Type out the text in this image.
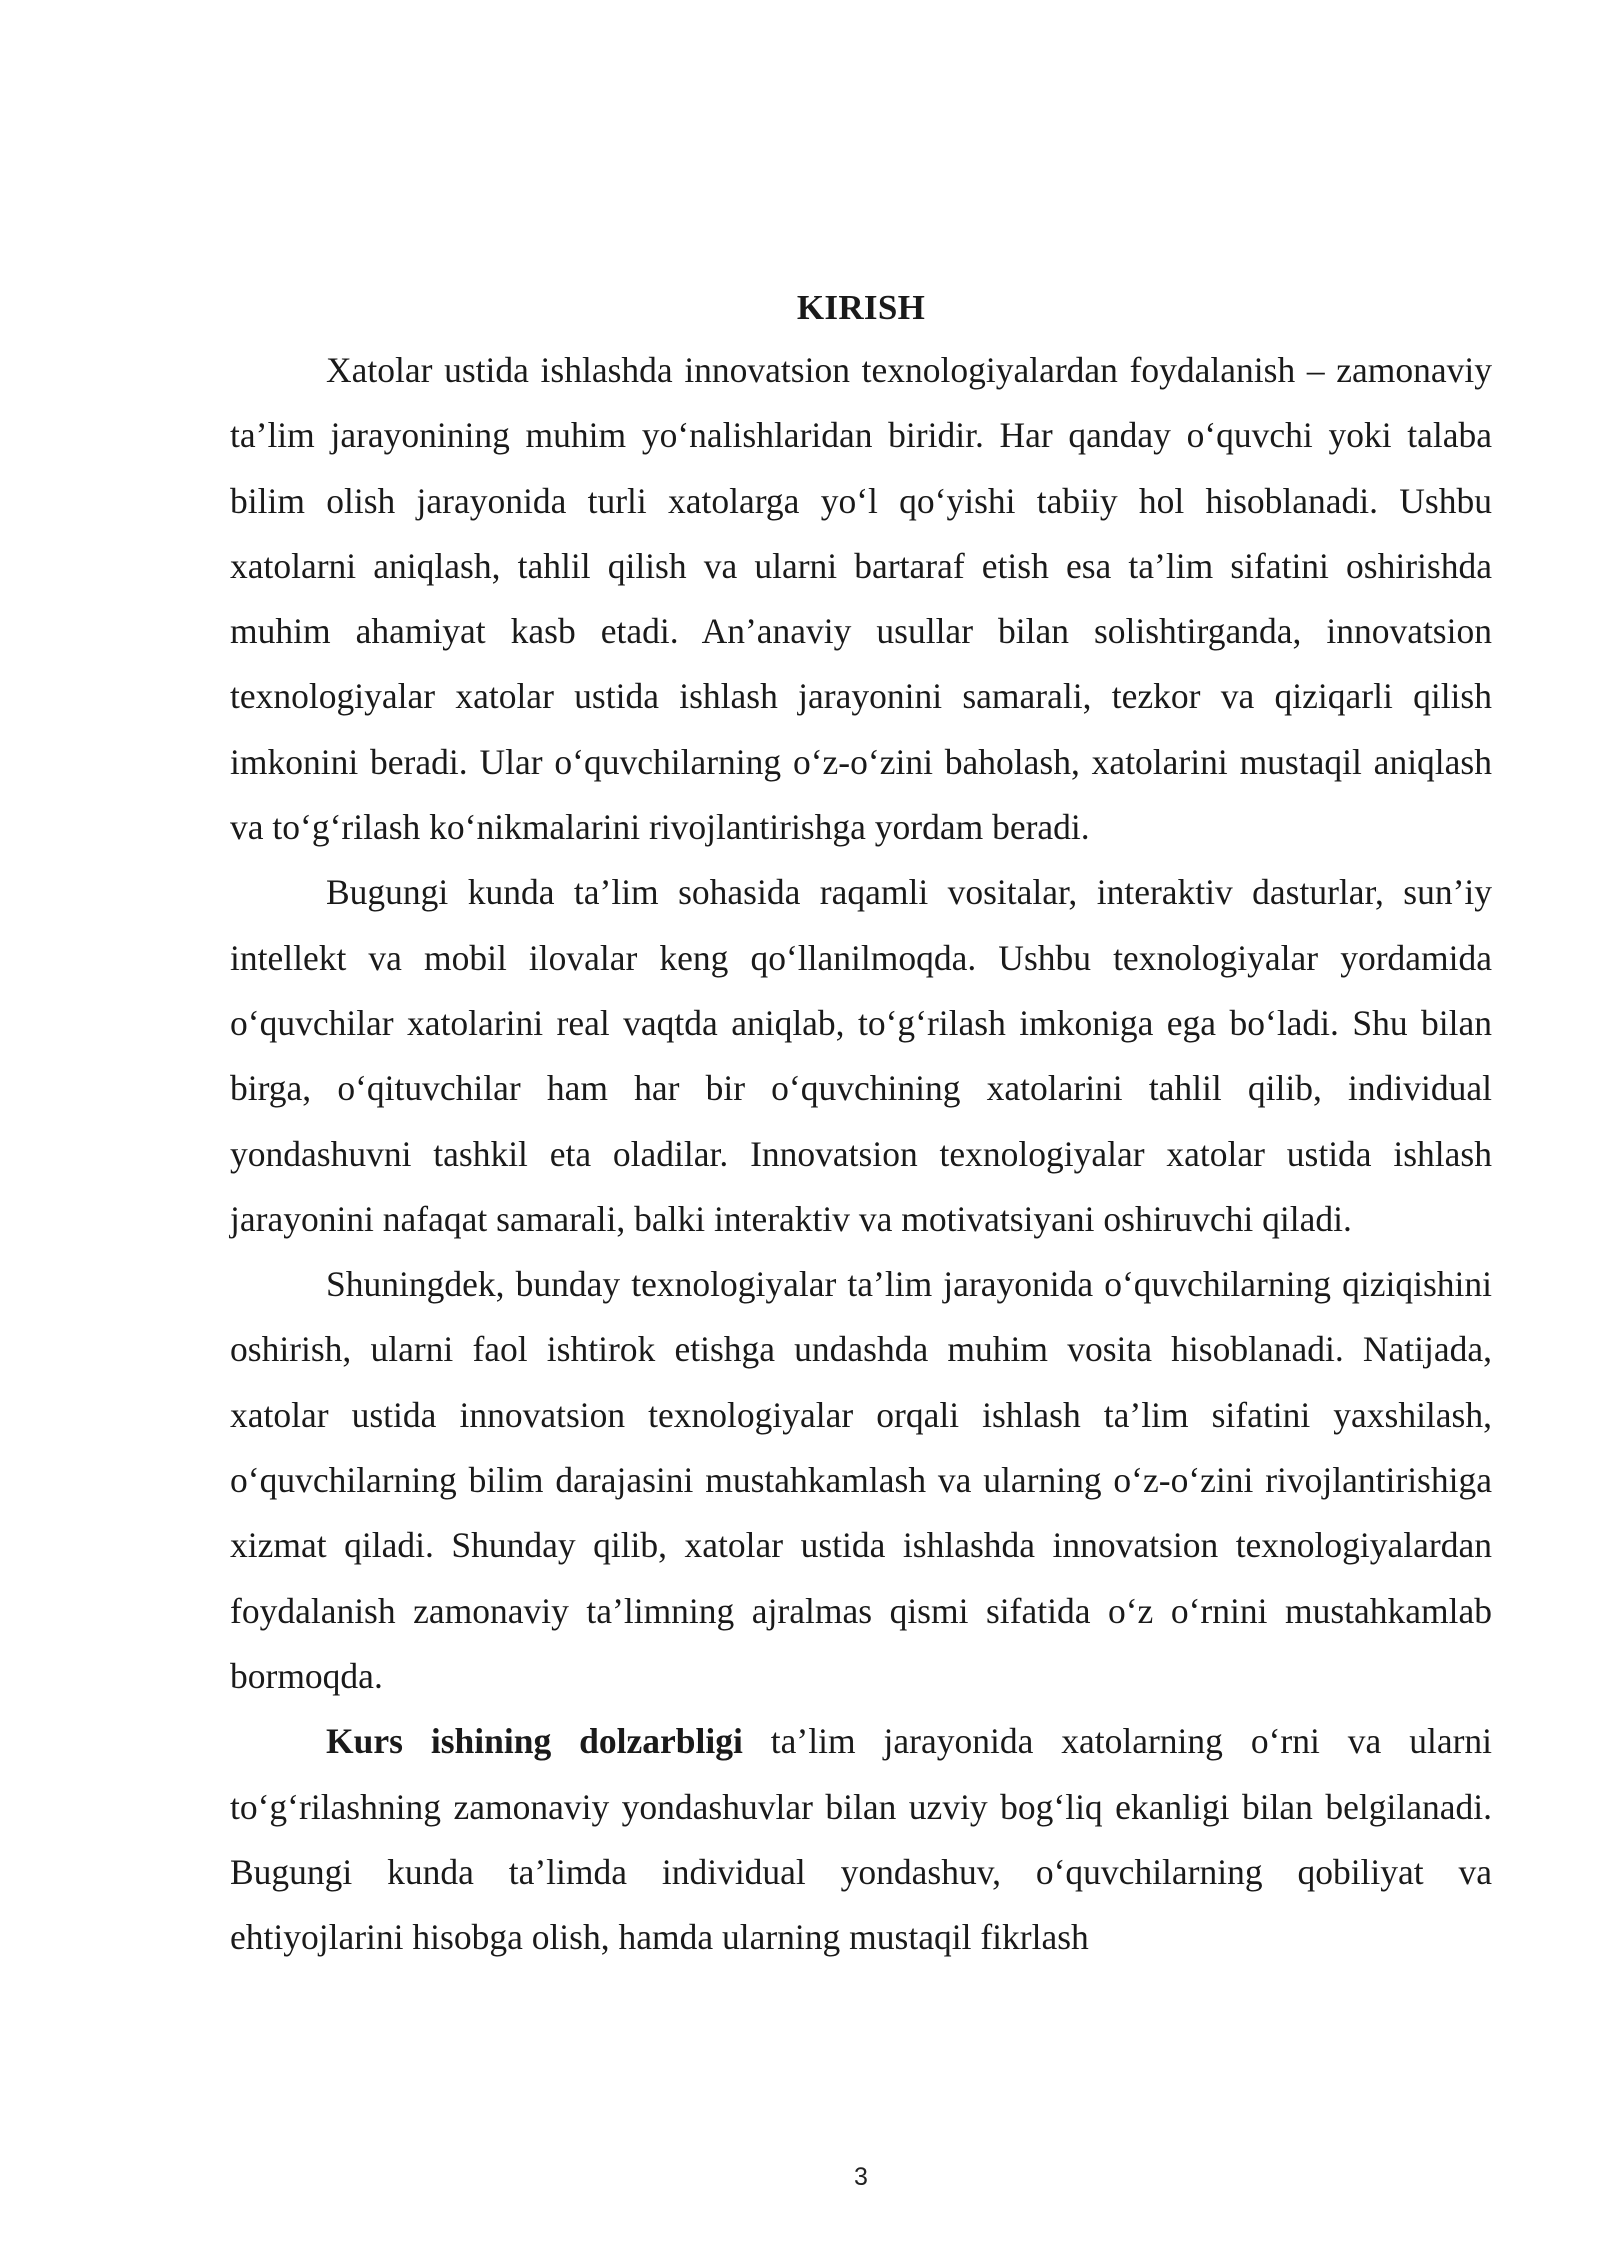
KIRISH

Xatolar ustida ishlashda innovatsion texnologiyalardan foydalanish – zamonaviy ta’lim jarayonining muhim yo‘nalishlaridan biridir. Har qanday o‘quvchi yoki talaba bilim olish jarayonida turli xatolarga yo‘l qo‘yishi tabiiy hol hisoblanadi. Ushbu xatolarni aniqlash, tahlil qilish va ularni bartaraf etish esa ta’lim sifatini oshirishda muhim ahamiyat kasb etadi. An’anaviy usullar bilan solishtirganda, innovatsion texnologiyalar xatolar ustida ishlash jarayonini samarali, tezkor va qiziqarli qilish imkonini beradi. Ular o‘quvchilarning o‘z-o‘zini baholash, xatolarini mustaqil aniqlash va to‘g‘rilash ko‘nikmalarini rivojlantirishga yordam beradi.

Bugungi kunda ta’lim sohasida raqamli vositalar, interaktiv dasturlar, sun’iy intellekt va mobil ilovalar keng qo‘llanilmoqda. Ushbu texnologiyalar yordamida o‘quvchilar xatolarini real vaqtda aniqlab, to‘g‘rilash imkoniga ega bo‘ladi. Shu bilan birga, o‘qituvchilar ham har bir o‘quvchining xatolarini tahlil qilib, individual yondashuvni tashkil eta oladilar. Innovatsion texnologiyalar xatolar ustida ishlash jarayonini nafaqat samarali, balki interaktiv va motivatsiyani oshiruvchi qiladi.

Shuningdek, bunday texnologiyalar ta’lim jarayonida o‘quvchilarning qiziqishini oshirish, ularni faol ishtirok etishga undashda muhim vosita hisoblanadi. Natijada, xatolar ustida innovatsion texnologiyalar orqali ishlash ta’lim sifatini yaxshilash, o‘quvchilarning bilim darajasini mustahkamlash va ularning o‘z-o‘zini rivojlantirishiga xizmat qiladi. Shunday qilib, xatolar ustida ishlashda innovatsion texnologiyalardan foydalanish zamonaviy ta’limning ajralmas qismi sifatida o‘z o‘rnini mustahkamlab bormoqda.

Kurs ishining dolzarbligi ta’lim jarayonida xatolarning o‘rni va ularni to‘g‘rilashning zamonaviy yondashuvlar bilan uzviy bog‘liq ekanligi bilan belgilanadi. Bugungi kunda ta’limda individual yondashuv, o‘quvchilarning qobiliyat va ehtiyojlarini hisobga olish, hamda ularning mustaqil fikrlash

3
